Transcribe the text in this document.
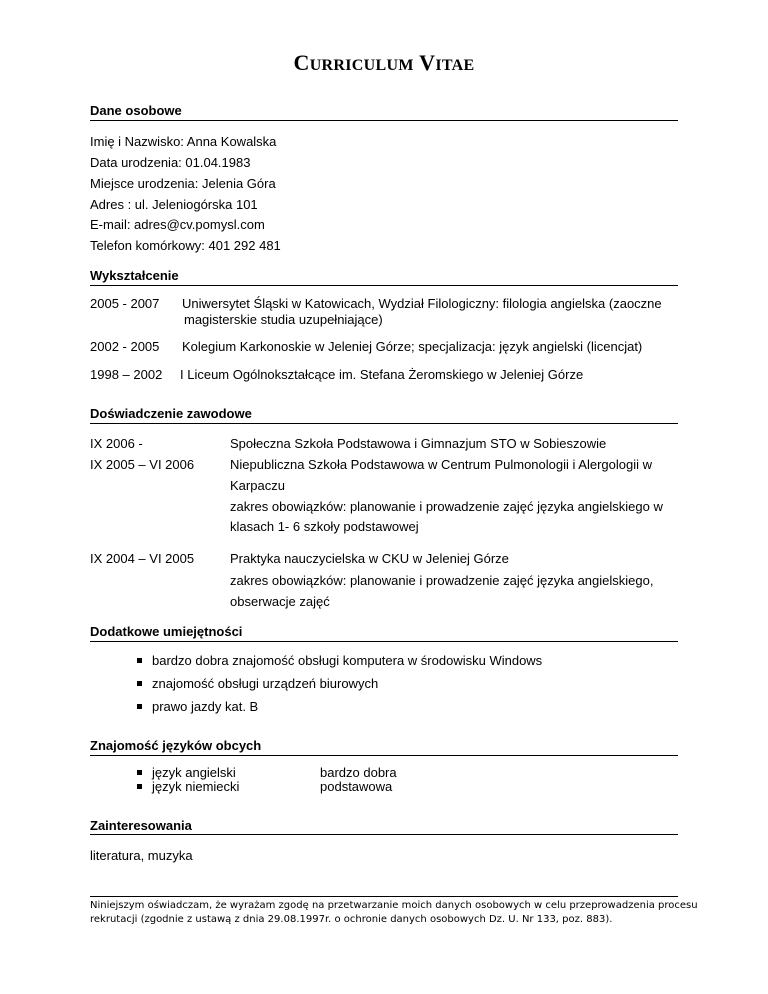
CURRICULUM VITAE
Dane osobowe
Imię i Nazwisko: Anna Kowalska
Data urodzenia: 01.04.1983
Miejsce urodzenia: Jelenia Góra
Adres : ul. Jeleniogórska 101
E-mail: adres@cv.pomysl.com
Telefon komórkowy: 401 292 481
Wykształcenie
2005 - 2007 Uniwersytet Śląski w Katowicach, Wydział Filologiczny: filologia angielska (zaoczne
magisterskie studia uzupełniające)
2002 - 2005 Kolegium Karkonoskie w Jeleniej Górze; specjalizacja: język angielski (licencjat)
1998 – 2002 I Liceum Ogólnokształcące im. Stefana Żeromskiego w Jeleniej Górze
Doświadczenie zawodowe
IX 2006 -	Społeczna Szkoła Podstawowa i Gimnazjum STO w Sobieszowie
IX 2005 – VI 2006	Niepubliczna Szkoła Podstawowa w Centrum Pulmonologii i Alergologii w
Karpaczu
zakres obowiązków: planowanie i prowadzenie zajęć języka angielskiego w
klasach 1- 6 szkoły podstawowej
IX 2004 – VI 2005	Praktyka nauczycielska w CKU w Jeleniej Górze
zakres obowiązków: planowanie i prowadzenie zajęć języka angielskiego,
obserwacje zajęć
Dodatkowe umiejętności
bardzo dobra znajomość obsługi komputera w środowisku Windows
znajomość obsługi urządzeń biurowych
prawo jazdy kat. B
Znajomość języków obcych
język angielski	bardzo dobra
język niemiecki	podstawowa
Zainteresowania
literatura, muzyka
Niniejszym oświadczam, że wyrażam zgodę na przetwarzanie moich danych osobowych w celu przeprowadzenia procesu
rekrutacji (zgodnie z ustawą z dnia 29.08.1997r. o ochronie danych osobowych Dz. U. Nr 133, poz. 883).
